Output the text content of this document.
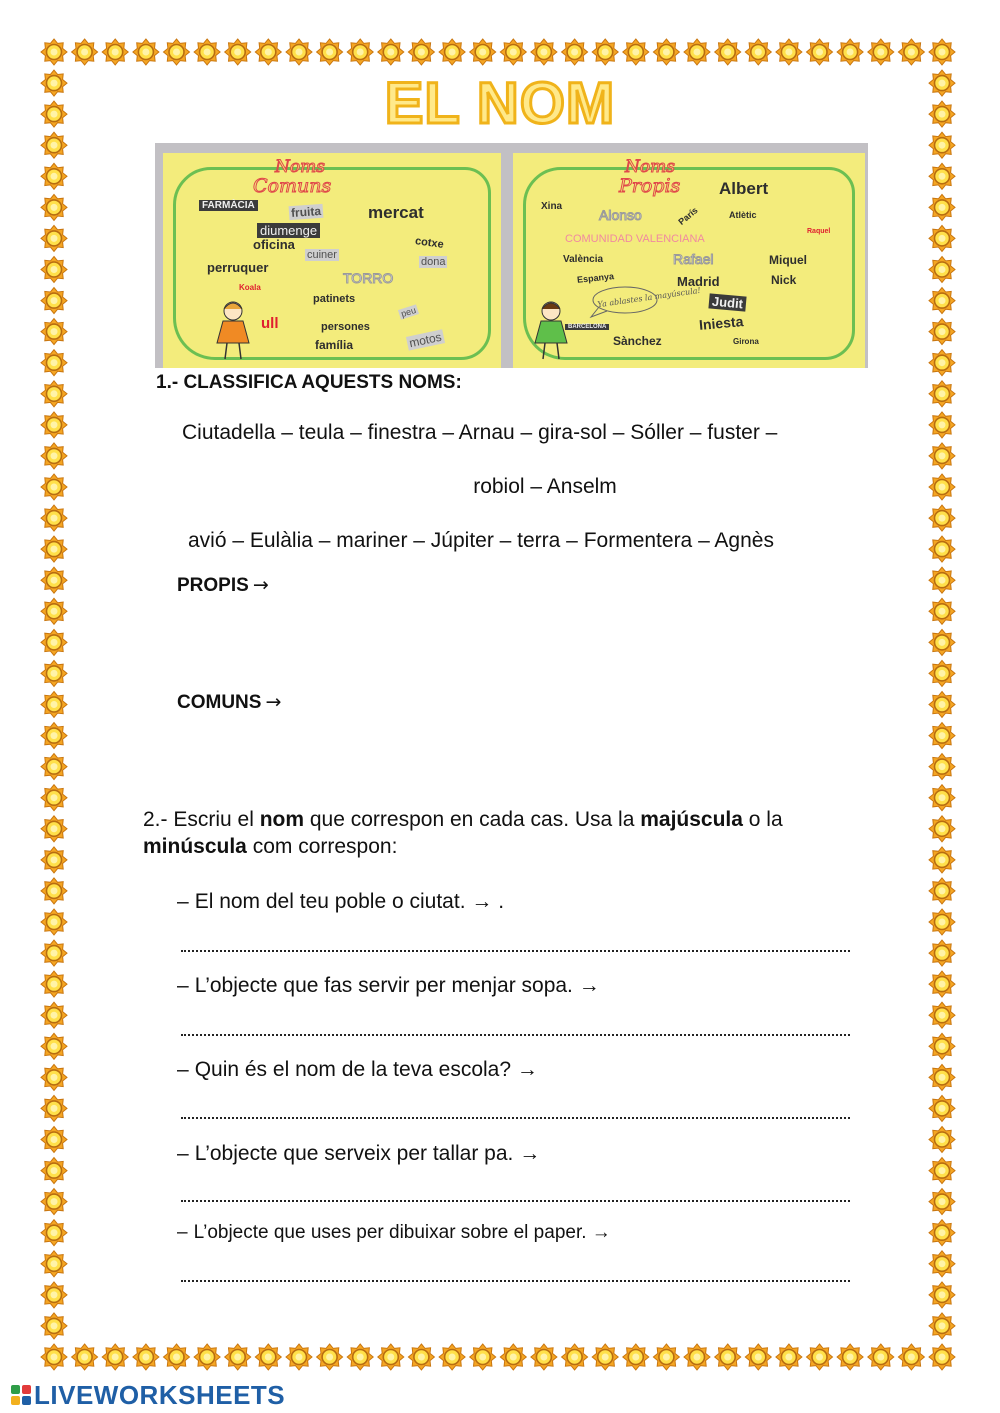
EL NOM
Noms
Comuns
FARMÀCIA	fruita	mercat
diumenge
oficina	cotxe
cuiner
dona
perruquer
TORRO
Koala
patinets
peu
ull	persones
família	motos
Noms
Propis Albert
Xina
Alonso	París	Atlètic
Raquel
COMUNIDAD VALENCIANA
València	Rafael	Miquel
Espanya	Madrid	Nick
Judit
Iniesta
BARCELONA
Sànchez	Girona
Ya ablastes la mayúscula!
1.- CLASSIFICA AQUESTS NOMS:
Ciutadella – teula – finestra – Arnau – gira-sol – Sóller – fuster –
robiol – Anselm
avió – Eulàlia – mariner – Júpiter – terra – Formentera – Agnès
PROPIS →
COMUNS →
2.- Escriu el nom que correspon en cada cas. Usa la majúscula o la minúscula com correspon:
– El nom del teu poble o ciutat. → .
– L’objecte que fas servir per menjar sopa. →
– Quin és el nom de la teva escola? →
– L’objecte que serveix per tallar pa. →
– L’objecte que uses per dibuixar sobre el paper. →
LIVEWORKSHEETS
